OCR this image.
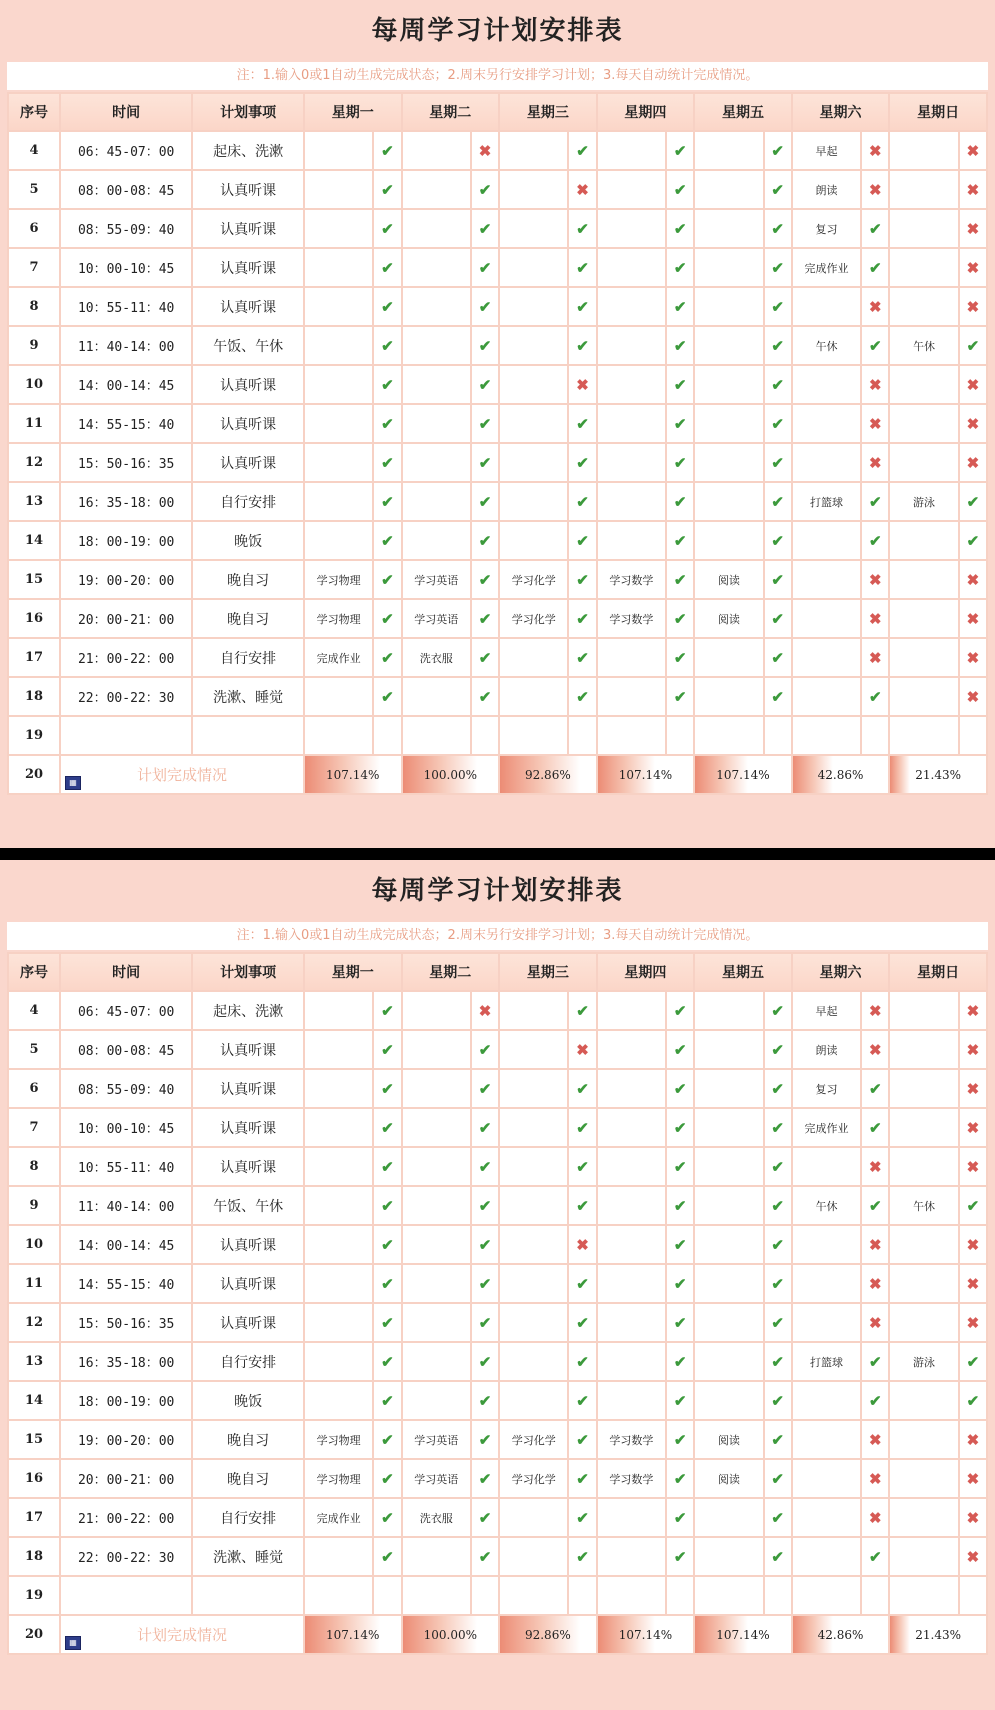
每周学习计划安排表
注：1.输入0或1自动生成完成状态；2.周末另行安排学习计划；3.每天自动统计完成情况。
序号	时间	计划事项	星期一		星期二		星期三		星期四		星期五		星期六		星期日	
4	06：45-07：00	起床、洗漱		✔		✖		✔		✔		✔	早起	✖		✖
5	08：00-08：45	认真听课		✔		✔		✖		✔		✔	朗读	✖		✖
6	08：55-09：40	认真听课		✔		✔		✔		✔		✔	复习	✔		✖
7	10：00-10：45	认真听课		✔		✔		✔		✔		✔	完成作业	✔		✖
8	10：55-11：40	认真听课		✔		✔		✔		✔		✔		✖		✖
9	11：40-14：00	午饭、午休		✔		✔		✔		✔		✔	午休	✔	午休	✔
10	14：00-14：45	认真听课		✔		✔		✖		✔		✔		✖		✖
11	14：55-15：40	认真听课		✔		✔		✔		✔		✔		✖		✖
12	15：50-16：35	认真听课		✔		✔		✔		✔		✔		✖		✖
13	16：35-18：00	自行安排		✔		✔		✔		✔		✔	打篮球	✔	游泳	✔
14	18：00-19：00	晚饭		✔		✔		✔		✔		✔		✔		✔
15	19：00-20：00	晚自习	学习物理	✔	学习英语	✔	学习化学	✔	学习数学	✔	阅读	✔		✖		✖
16	20：00-21：00	晚自习	学习物理	✔	学习英语	✔	学习化学	✔	学习数学	✔	阅读	✔		✖		✖
17	21：00-22：00	自行安排	完成作业	✔	洗衣服	✔		✔		✔		✔		✖		✖
18	22：00-22：30	洗漱、睡觉		✔		✔		✔		✔		✔		✔		✖
19																
20	▦ 计划完成情况		107.14%		100.00%		92.86%		107.14%		107.14%		42.86%		21.43%	
每周学习计划安排表
注：1.输入0或1自动生成完成状态；2.周末另行安排学习计划；3.每天自动统计完成情况。
序号	时间	计划事项	星期一		星期二		星期三		星期四		星期五		星期六		星期日	
4	06：45-07：00	起床、洗漱		✔		✖		✔		✔		✔	早起	✖		✖
5	08：00-08：45	认真听课		✔		✔		✖		✔		✔	朗读	✖		✖
6	08：55-09：40	认真听课		✔		✔		✔		✔		✔	复习	✔		✖
7	10：00-10：45	认真听课		✔		✔		✔		✔		✔	完成作业	✔		✖
8	10：55-11：40	认真听课		✔		✔		✔		✔		✔		✖		✖
9	11：40-14：00	午饭、午休		✔		✔		✔		✔		✔	午休	✔	午休	✔
10	14：00-14：45	认真听课		✔		✔		✖		✔		✔		✖		✖
11	14：55-15：40	认真听课		✔		✔		✔		✔		✔		✖		✖
12	15：50-16：35	认真听课		✔		✔		✔		✔		✔		✖		✖
13	16：35-18：00	自行安排		✔		✔		✔		✔		✔	打篮球	✔	游泳	✔
14	18：00-19：00	晚饭		✔		✔		✔		✔		✔		✔		✔
15	19：00-20：00	晚自习	学习物理	✔	学习英语	✔	学习化学	✔	学习数学	✔	阅读	✔		✖		✖
16	20：00-21：00	晚自习	学习物理	✔	学习英语	✔	学习化学	✔	学习数学	✔	阅读	✔		✖		✖
17	21：00-22：00	自行安排	完成作业	✔	洗衣服	✔		✔		✔		✔		✖		✖
18	22：00-22：30	洗漱、睡觉		✔		✔		✔		✔		✔		✔		✖
19																
20	▦ 计划完成情况		107.14%		100.00%		92.86%		107.14%		107.14%		42.86%		21.43%	
